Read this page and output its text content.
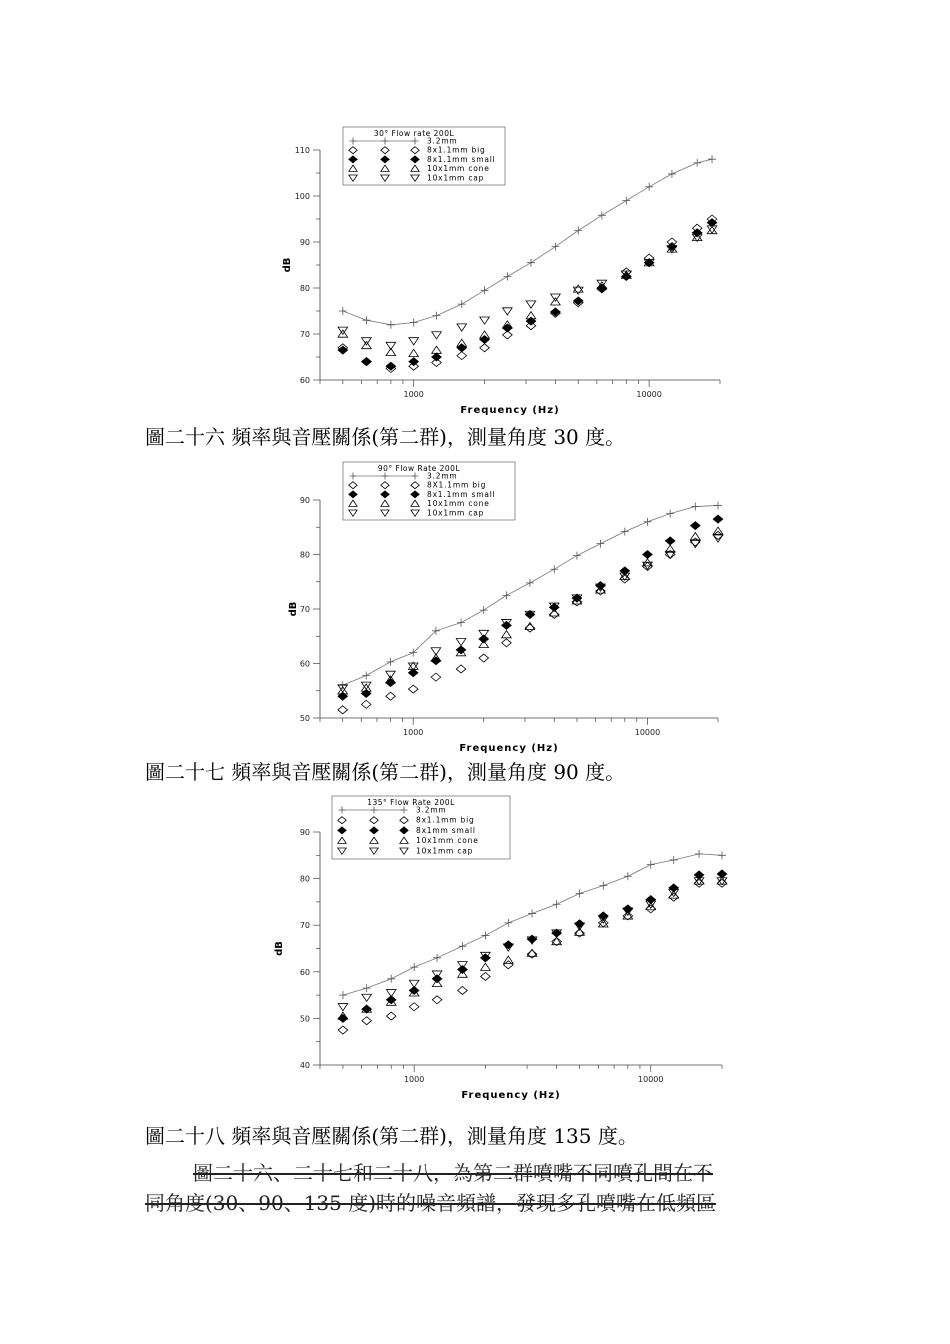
60
70
80
90
100
110
1000	10000
Frequency (Hz)
dB
30° Flow rate 200L
3.2mm
8x1.1mm big
8x1.1mm small
10x1mm cone
10x1mm cap
圖二十六 頻率與音壓關係(第二群)，測量角度 30 度。
50
60
70
80
90
1000	10000
Frequency (Hz)
dB
90° Flow Rate 200L
3.2mm
8X1.1mm big
8x1.1mm small
10x1mm cone
10x1mm cap
圖二十七 頻率與音壓關係(第二群)，測量角度 90 度。
40
50
60
70
80
90
1000	10000
Frequency (Hz)
dB
135° Flow Rate 200L
3.2mm
8x1.1mm big
8x1mm small
10x1mm cone
10x1mm cap
圖二十八 頻率與音壓關係(第二群)，測量角度 135 度。
圖二十六、二十七和二十八，為第二群噴嘴不同噴孔間在不
同角度(30、90、135 度)時的噪音頻譜，發現多孔噴嘴在低頻區
